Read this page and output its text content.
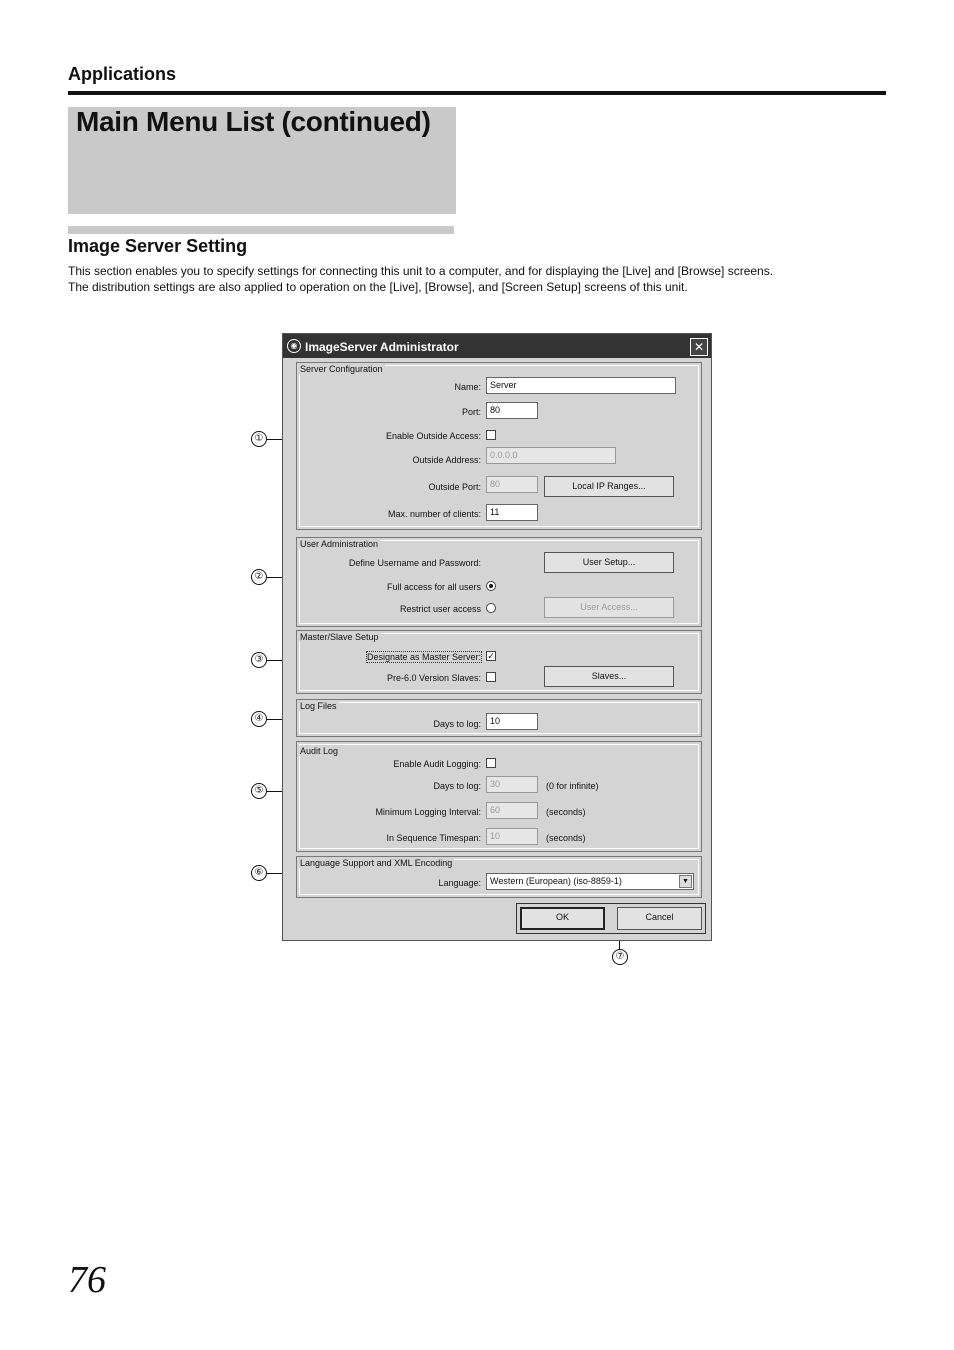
Applications
Main Menu List (continued)
Image Server Setting
This section enables you to specify settings for connecting this unit to a computer, and for displaying the [Live] and [Browse] screens.
The distribution settings are also applied to operation on the [Live], [Browse], and [Screen Setup] screens of this unit.
①
②
③
④
⑤
⑥
⑦
◉ ImageServer Administrator	✕
Server Configuration
Name:	Server
Port:	80
Enable Outside Access:
Outside Address:	0.0.0.0
Outside Port:	80	Local IP Ranges...
Max. number of clients:	11
User Administration
Define Username and Password:	User Setup...
Full access for all users
Restrict user access	User Access...
Master/Slave Setup
Designate as Master Server: ✓
Pre-6.0 Version Slaves:	Slaves...
Log Files
Days to log:	10
Audit Log
Enable Audit Logging:
Days to log:	30	(0 for infinite)
Minimum Logging Interval:	60	(seconds)
In Sequence Timespan:	10	(seconds)
Language Support and XML Encoding
Language:	Western (European) (iso-8859-1)	▼
OK	Cancel
76
